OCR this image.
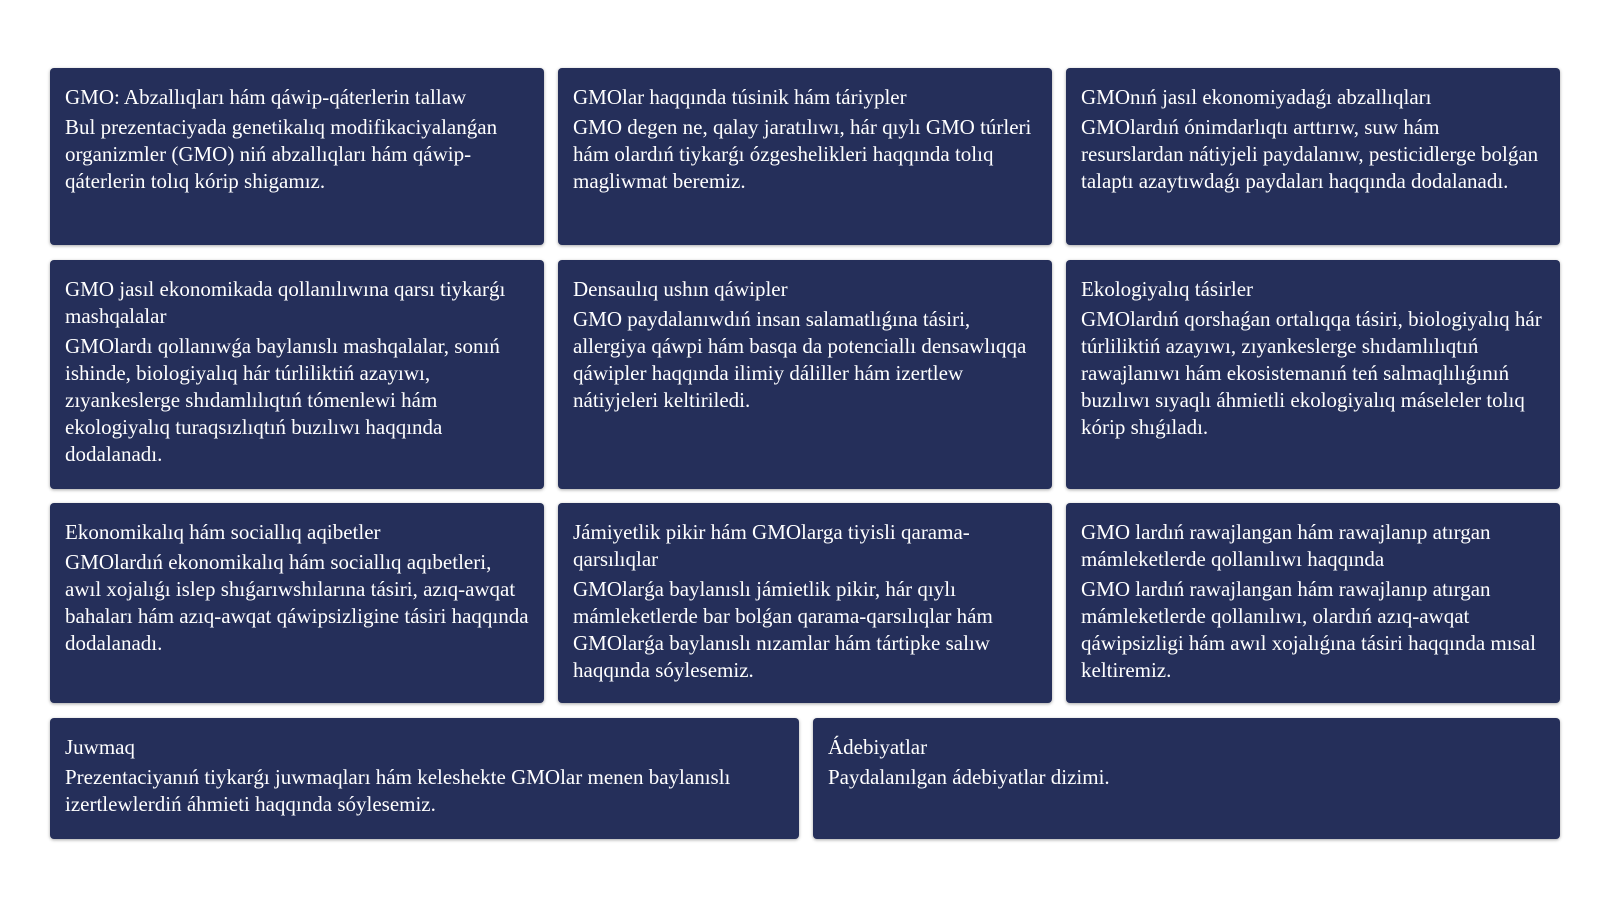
GMO: Abzallıqları hám qáwip-qáterlerin tallaw
Bul prezentaciyada genetikalıq modifikaciyalanǵan organizmler (GMO) niń abzallıqları hám qáwip-qáterlerin tolıq kórip shigamız.
GMOlar haqqında túsinik hám táriypler
GMO degen ne, qalay jaratılıwı, hár qıylı GMO túrleri hám olardıń tiykarǵı ózgeshelikleri haqqında tolıq magliwmat beremiz.
GMOnıń jasıl ekonomiyadaǵı abzallıqları
GMOlardıń ónimdarlıqtı arttırıw, suw hám resurslardan nátiyjeli paydalanıw, pesticidlerge bolǵan talaptı azaytıwdaǵı paydaları haqqında dodalanadı.
GMO jasıl ekonomikada qollanılıwına qarsı tiykarǵı mashqalalar
GMOlardı qollanıwǵa baylanıslı mashqalalar, sonıń ishinde, biologiyalıq hár túrliliktiń azayıwı, zıyankeslerge shıdamlılıqtıń tómenlewi hám ekologiyalıq turaqsızlıqtıń buzılıwı haqqında dodalanadı.
Densaulıq ushın qáwipler
GMO paydalanıwdıń insan salamatlıǵına tásiri, allergiya qáwpi hám basqa da potenciallı densawlıqqa qáwipler haqqında ilimiy dáliller hám izertlew nátiyjeleri keltiriledi.
Ekologiyalıq tásirler
GMOlardıń qorshaǵan ortalıqqa tásiri, biologiyalıq hár túrliliktiń azayıwı, zıyankeslerge shıdamlılıqtıń rawajlanıwı hám ekosistemanıń teń salmaqlılıǵınıń buzılıwı sıyaqlı áhmietli ekologiyalıq máseleler tolıq kórip shıǵıladı.
Ekonomikalıq hám sociallıq aqibetler
GMOlardıń ekonomikalıq hám sociallıq aqıbetleri, awıl xojalıǵı islep shıǵarıwshılarına tásiri, azıq-awqat bahaları hám azıq-awqat qáwipsizligine tásiri haqqında dodalanadı.
Jámiyetlik pikir hám GMOlarga tiyisli qarama-qarsılıqlar
GMOlarǵa baylanıslı jámietlik pikir, hár qıylı mámleketlerde bar bolǵan qarama-qarsılıqlar hám GMOlarǵa baylanıslı nızamlar hám tártipke salıw haqqında sóylesemiz.
GMO lardıń rawajlangan hám rawajlanıp atırgan mámleketlerde qollanılıwı haqqında
GMO lardıń rawajlangan hám rawajlanıp atırgan mámleketlerde qollanılıwı, olardıń azıq-awqat qáwipsizligi hám awıl xojalıǵına tásiri haqqında mısal keltiremiz.
Juwmaq
Prezentaciyanıń tiykarǵı juwmaqları hám keleshekte GMOlar menen baylanıslı izertlewlerdiń áhmieti haqqında sóylesemiz.
Ádebiyatlar
Paydalanılgan ádebiyatlar dizimi.
